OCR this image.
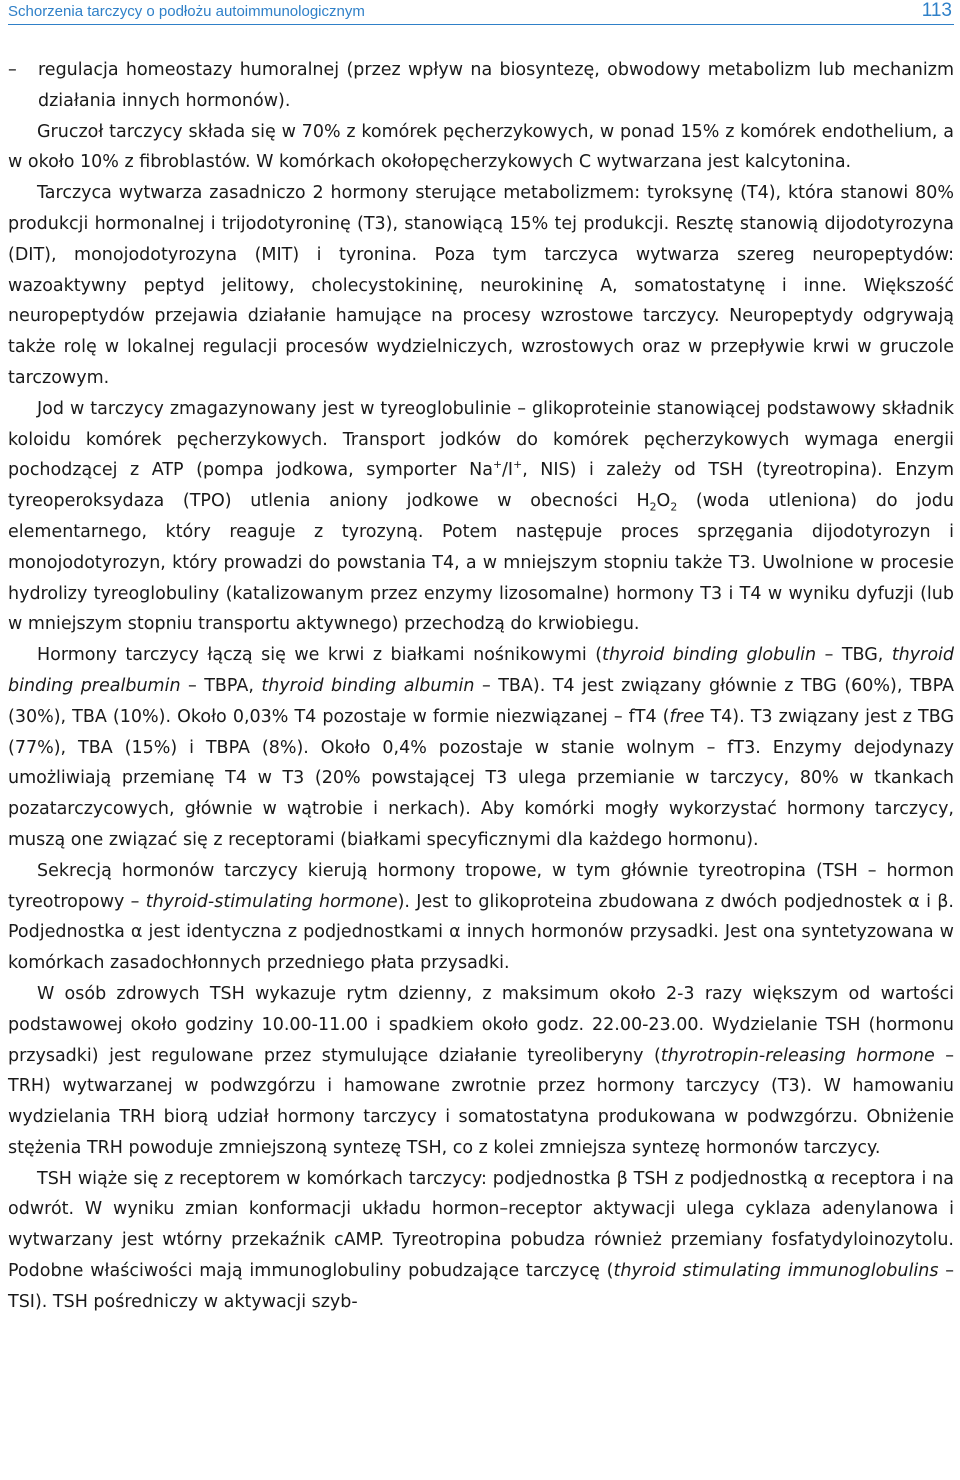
Schorzenia tarczycy o podłożu autoimmunologicznym	113

– regulacja homeostazy humoralnej (przez wpływ na biosyntezę, obwodowy metabolizm lub mechanizm działania innych hormonów).

Gruczoł tarczycy składa się w 70% z komórek pęcherzykowych, w ponad 15% z komórek endothelium, a w około 10% z fibroblastów. W komórkach okołopęcherzykowych C wytwarzana jest kalcytonina.

Tarczyca wytwarza zasadniczo 2 hormony sterujące metabolizmem: tyroksynę (T4), która stanowi 80% produkcji hormonalnej i trijodotyroninę (T3), stanowiącą 15% tej produkcji. Resztę stanowią dijodotyrozyna (DIT), monojodotyrozyna (MIT) i tyronina. Poza tym tarczyca wytwarza szereg neuropeptydów: wazoaktywny peptyd jelitowy, cholecystokininę, neurokininę A, somatostatynę i inne. Większość neuropeptydów przejawia działanie hamujące na procesy wzrostowe tarczycy. Neuropeptydy odgrywają także rolę w lokalnej regulacji procesów wydzielniczych, wzrostowych oraz w przepływie krwi w gruczole tarczowym.

Jod w tarczycy zmagazynowany jest w tyreoglobulinie – glikoproteinie stanowiącej podstawowy składnik koloidu komórek pęcherzykowych. Transport jodków do komórek pęcherzykowych wymaga energii pochodzącej z ATP (pompa jodkowa, symporter Na+/I+, NIS) i zależy od TSH (tyreotropina). Enzym tyreoperoksydaza (TPO) utlenia aniony jodkowe w obecności $H_2O_2$ (woda utleniona) do jodu elementarnego, który reaguje z tyrozyną. Potem następuje proces sprzęgania dijodotyrozyn i monojodotyrozyn, który prowadzi do powstania T4, a w mniejszym stopniu także T3. Uwolnione w procesie hydrolizy tyreoglobuliny (katalizowanym przez enzymy lizosomalne) hormony T3 i T4 w wyniku dyfuzji (lub w mniejszym stopniu transportu aktywnego) przechodzą do krwiobiegu.

Hormony tarczycy łączą się we krwi z białkami nośnikowymi (thyroid binding globulin – TBG, thyroid binding prealbumin – TBPA, thyroid binding albumin – TBA). T4 jest związany głównie z TBG (60%), TBPA (30%), TBA (10%). Około 0,03% T4 pozostaje w formie niezwiązanej – fT4 (free T4). T3 związany jest z TBG (77%), TBA (15%) i TBPA (8%). Około 0,4% pozostaje w stanie wolnym – fT3. Enzymy dejodynazy umożliwiają przemianę T4 w T3 (20% powstającej T3 ulega przemianie w tarczycy, 80% w tkankach pozatarczycowych, głównie w wątrobie i nerkach). Aby komórki mogły wykorzystać hormony tarczycy, muszą one związać się z receptorami (białkami specyficznymi dla każdego hormonu).

Sekrecją hormonów tarczycy kierują hormony tropowe, w tym głównie tyreotropina (TSH – hormon tyreotropowy – thyroid-stimulating hormone). Jest to glikoproteina zbudowana z dwóch podjednostek α i β. Podjednostka α jest identyczna z podjednostkami α innych hormonów przysadki. Jest ona syntetyzowana w komórkach zasadochłonnych przedniego płata przysadki.

W osób zdrowych TSH wykazuje rytm dzienny, z maksimum około 2-3 razy większym od wartości podstawowej około godziny 10.00-11.00 i spadkiem około godz. 22.00-23.00. Wydzielanie TSH (hormonu przysadki) jest regulowane przez stymulujące działanie tyreoliberyny (thyrotropin-releasing hormone – TRH) wytwarzanej w podwzgórzu i hamowane zwrotnie przez hormony tarczycy (T3). W hamowaniu wydzielania TRH biorą udział hormony tarczycy i somatostatyna produkowana w podwzgórzu. Obniżenie stężenia TRH powoduje zmniejszoną syntezę TSH, co z kolei zmniejsza syntezę hormonów tarczycy.

TSH wiąże się z receptorem w komórkach tarczycy: podjednostka β TSH z podjednostką α receptora i na odwrót. W wyniku zmian konformacji układu hormon–receptor aktywacji ulega cyklaza adenylanowa i wytwarzany jest wtórny przekaźnik cAMP. Tyreotropina pobudza również przemiany fosfatydyloinozytolu. Podobne właściwości mają immunoglobuliny pobudzające tarczycę (thyroid stimulating immunoglobulins – TSI). TSH pośredniczy w aktywacji szyb-
